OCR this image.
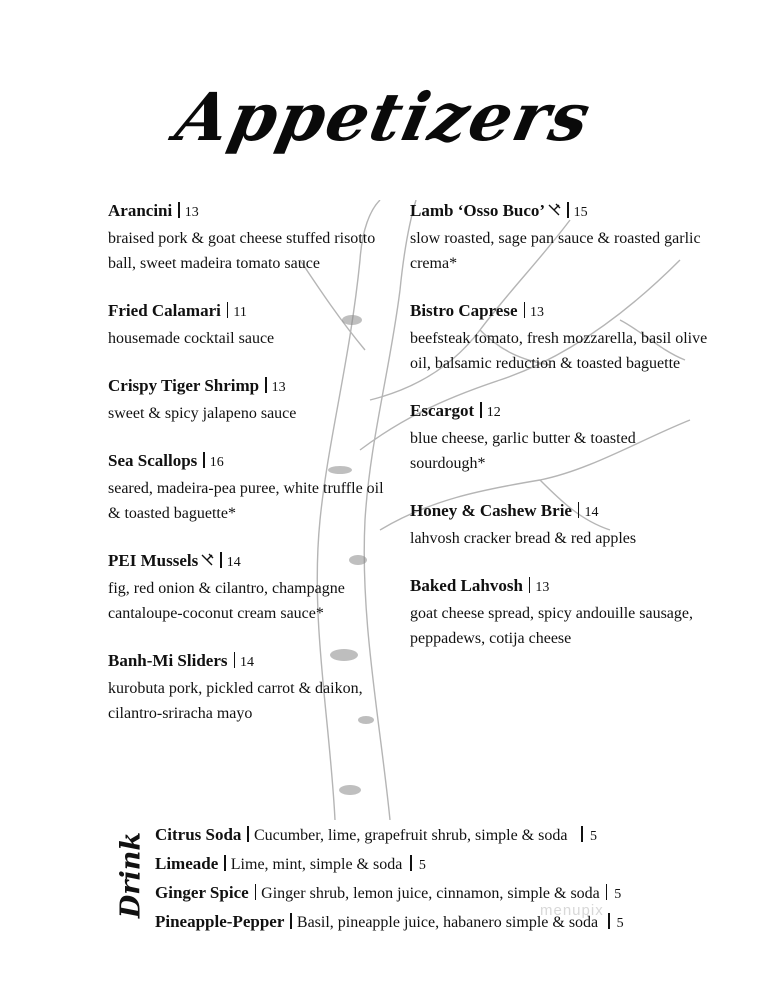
Appetizers
Arancini 13
braised pork & goat cheese stuffed risotto ball, sweet madeira tomato sauce
Fried Calamari 11
housemade cocktail sauce
Crispy Tiger Shrimp 13
sweet & spicy jalapeno sauce
Sea Scallops 16
seared, madeira-pea puree, white truffle oil & toasted baguette*
PEI Mussels 14
fig, red onion & cilantro, champagne cantaloupe-coconut cream sauce*
Banh-Mi Sliders 14
kurobuta pork, pickled carrot & daikon, cilantro-sriracha mayo
Lamb ‘Osso Buco’ 15
slow roasted, sage pan sauce & roasted garlic crema*
Bistro Caprese 13
beefsteak tomato, fresh mozzarella, basil olive oil, balsamic reduction & toasted baguette
Escargot 12
blue cheese, garlic butter & toasted sourdough*
Honey & Cashew Brie 14
lahvosh cracker bread & red apples
Baked Lahvosh 13
goat cheese spread, spicy andouille sausage, peppadews, cotija cheese
Drink Citrus Soda Cucumber, lime, grapefruit shrub, simple & soda 5
Limeade Lime, mint, simple & soda 5
Ginger Spice Ginger shrub, lemon juice, cinnamon, simple & soda 5
Pineapple-Pepper Basil, pineapple juice, habanero simple & soda 5
menupix
